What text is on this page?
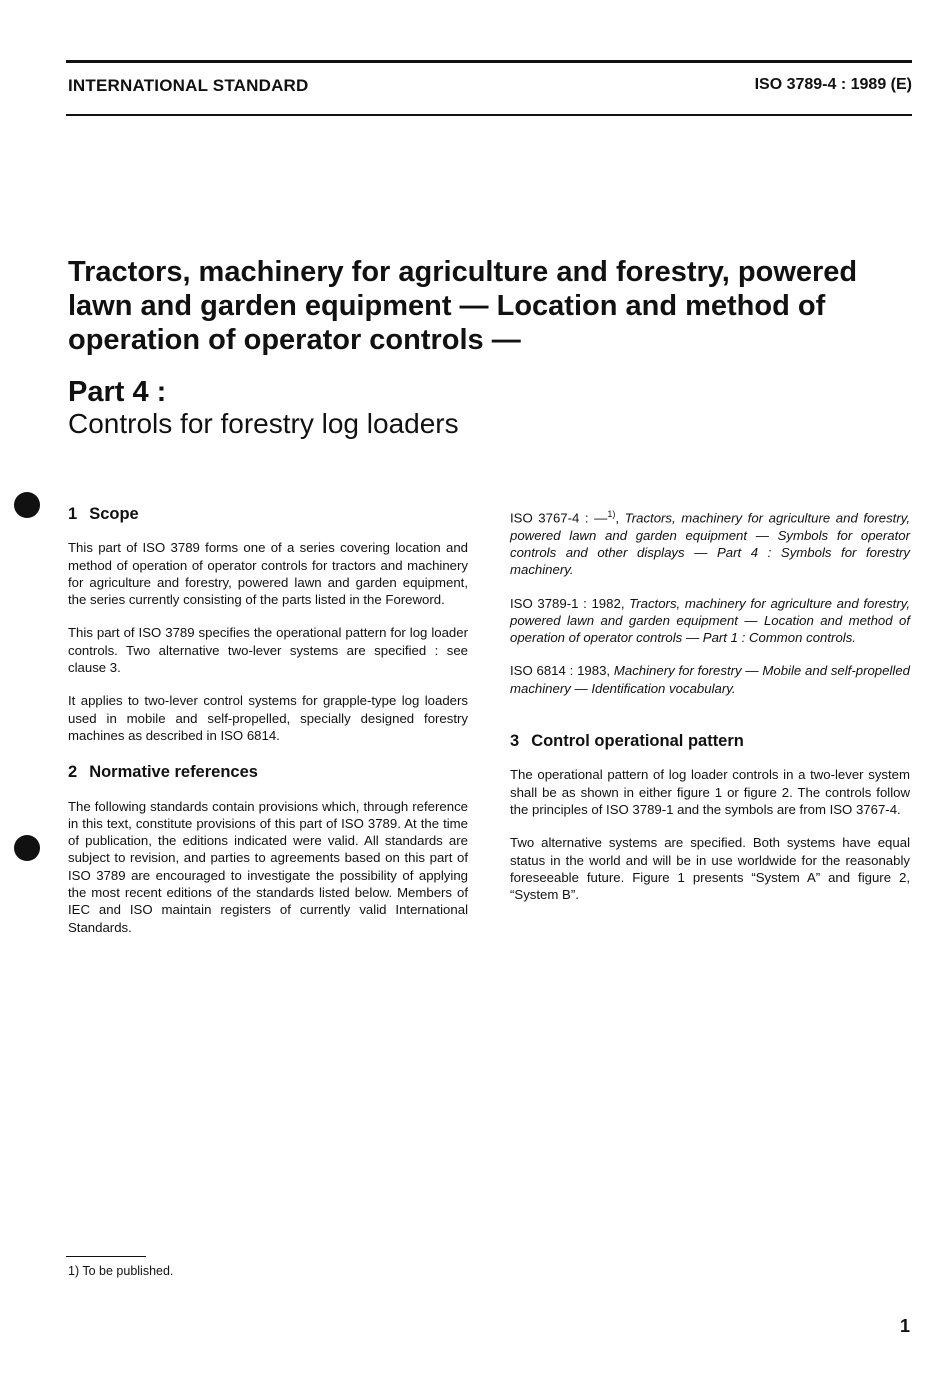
INTERNATIONAL STANDARD	ISO 3789-4 : 1989 (E)
Tractors, machinery for agriculture and forestry, powered lawn and garden equipment — Location and method of operation of operator controls —
Part 4 :
Controls for forestry log loaders
1 Scope

This part of ISO 3789 forms one of a series covering location and method of operation of operator controls for tractors and machinery for agriculture and forestry, powered lawn and garden equipment, the series currently consisting of the parts listed in the Foreword.

This part of ISO 3789 specifies the operational pattern for log loader controls. Two alternative two-lever systems are specified : see clause 3.

It applies to two-lever control systems for grapple-type log loaders used in mobile and self-propelled, specially designed forestry machines as described in ISO 6814.

2 Normative references

The following standards contain provisions which, through reference in this text, constitute provisions of this part of ISO 3789. At the time of publication, the editions indicated were valid. All standards are subject to revision, and parties to agreements based on this part of ISO 3789 are encouraged to investigate the possibility of applying the most recent editions of the standards listed below. Members of IEC and ISO maintain registers of currently valid International Standards.

ISO 3767-4 : —$^{1)}$, Tractors, machinery for agriculture and forestry, powered lawn and garden equipment — Symbols for operator controls and other displays — Part 4 : Symbols for forestry machinery.

ISO 3789-1 : 1982, Tractors, machinery for agriculture and forestry, powered lawn and garden equipment — Location and method of operation of operator controls — Part 1 : Common controls.

ISO 6814 : 1983, Machinery for forestry — Mobile and self-propelled machinery — Identification vocabulary.

3 Control operational pattern

The operational pattern of log loader controls in a two-lever system shall be as shown in either figure 1 or figure 2. The controls follow the principles of ISO 3789-1 and the symbols are from ISO 3767-4.

Two alternative systems are specified. Both systems have equal status in the world and will be in use worldwide for the reasonably foreseeable future. Figure 1 presents “System A” and figure 2, “System B”.

1) To be published.
1
